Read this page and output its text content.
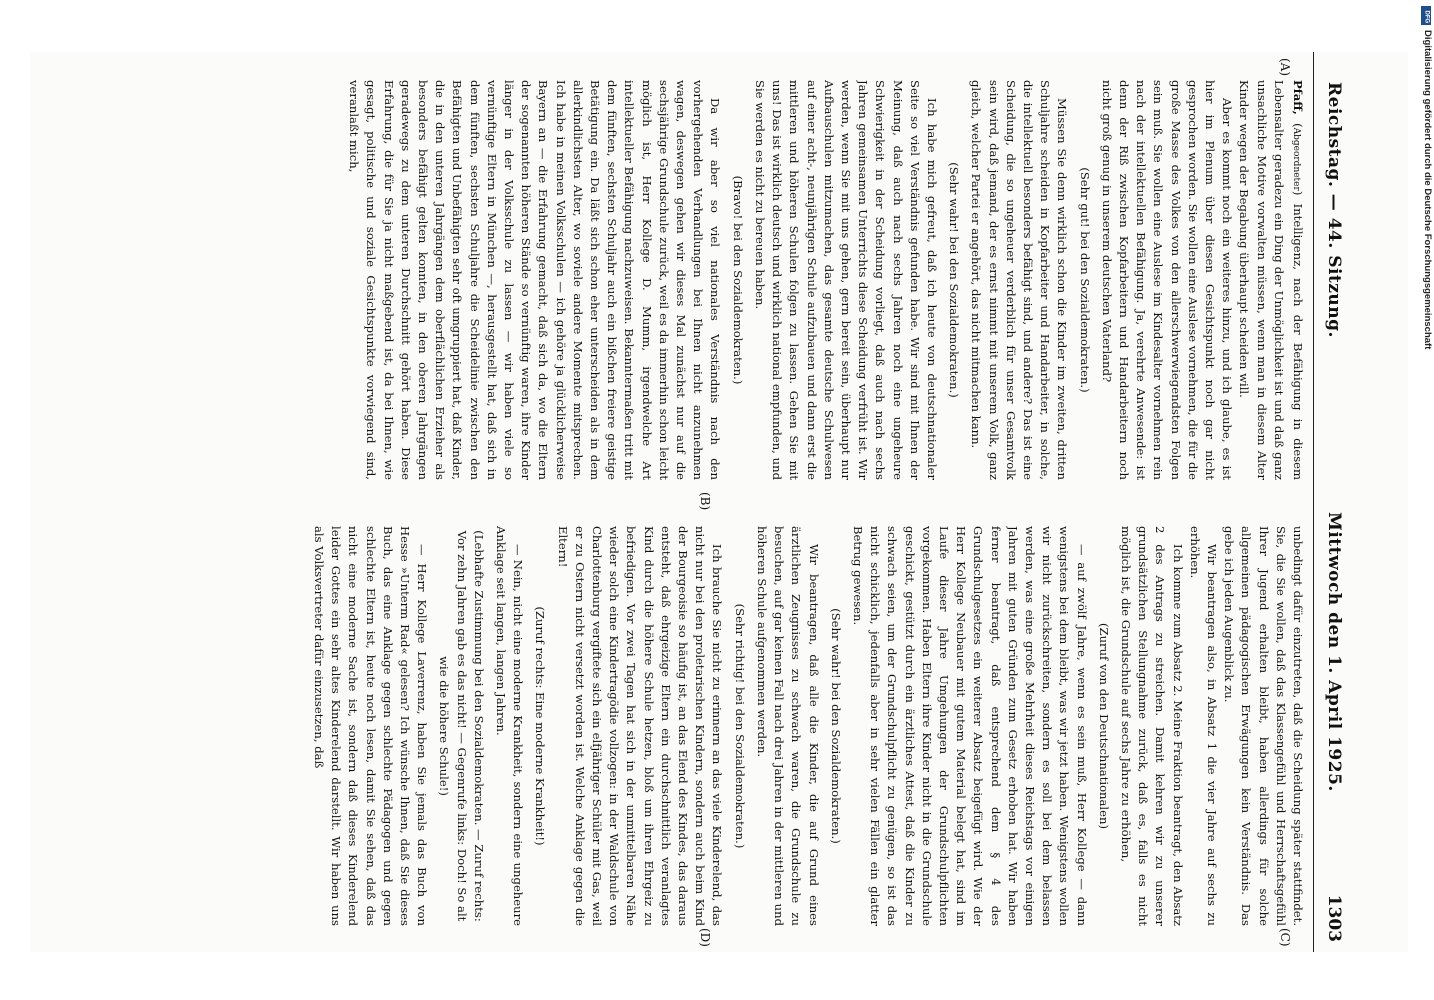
Reichstag. — 44. Sitzung.
Mittwoch den 1. April 1925.
1303
(A)
(B)
(C)
(D)

Pfaff, (Abgeordneter) Intelligenz, nach der Befähigung in diesem Lebensalter geradezu ein Ding der Unmöglichkeit ist und daß ganz unsachliche Motive vorwalten müssen, wenn man in diesem Alter Kinder wegen der Begabung überhaupt scheiden will.

Aber es kommt noch ein weiteres hinzu, und ich glaube, es ist hier im Plenum über diesen Gesichtspunkt noch gar nicht gesprochen worden. Sie wollen eine Auslese vornehmen, die für die große Masse des Volkes von den allerschwerwiegendsten Folgen sein muß. Sie wollen eine Auslese im Kindesalter vornehmen rein nach der intellektuellen Befähigung. Ja, verehrte Anwesende: ist denn der Riß zwischen Kopfarbeitern und Handarbeitern noch nicht groß genug in unserem deutschen Vaterland?

(Sehr gut! bei den Sozialdemokraten.)

Müssen Sie denn wirklich schon die Kinder im zweiten, dritten Schuljahre scheiden in Kopfarbeiter und Handarbeiter, in solche, die intellektuell besonders befähigt sind, und andere? Das ist eine Scheidung, die so ungeheuer verderblich für unser Gesamtvolk sein wird, daß jemand, der es ernst nimmt mit unserem Volk, ganz gleich, welcher Partei er angehört, das nicht mitmachen kann.

(Sehr wahr! bei den Sozialdemokraten.)

Ich habe mich gefreut, daß ich heute von deutschnationaler Seite so viel Verständnis gefunden habe. Wir sind mit Ihnen der Meinung, daß auch nach sechs Jahren noch eine ungeheure Schwierigkeit in der Scheidung vorliegt, daß auch nach sechs Jahren gemeinsamen Unterrichts diese Scheidung verfrüht ist. Wir werden, wenn Sie mit uns gehen, gern bereit sein, überhaupt nur Aufbauschulen mitzumachen, das gesamte deutsche Schulwesen auf einer acht-, neunjährigen Schule aufzubauen und dann erst die mittleren und höheren Schulen folgen zu lassen. Gehen Sie mit uns! Das ist wirklich deutsch und wirklich national empfunden, und Sie werden es nicht zu bereuen haben.

(Bravo! bei den Sozialdemokraten.)

Da wir aber so viel nationales Verständnis nach den vorhergehenden Verhandlungen bei Ihnen nicht anzunehmen wagen, deswegen gehen wir dieses Mal zunächst nur auf die sechsjährige Grundschule zurück, weil es da immerhin schon leicht möglich ist, Herr Kollege D. Mumm, irgendwelche Art intellektueller Befähigung nachzuweisen. Bekanntermaßen tritt mit dem fünften, sechsten Schuljahr auch ein bißchen freiere geistige Betätigung ein. Da läßt sich schon eher unterscheiden als in dem allerkindlichsten Alter, wo soviele andere Momente mitsprechen. Ich habe in meinen Volksschulen — ich gehöre ja glücklicherweise Bayern an — die Erfahrung gemacht, daß sich da, wo die Eltern der sogenannten höheren Stände so vernünftig waren, ihre Kinder länger in der Volksschule zu lassen — wir haben viele so vernünftige Eltern in München —, herausgestellt hat, daß sich in dem fünften, sechsten Schuljahre die Scheidelinie zwischen den Befähigten und Unbefähigten sehr oft umgruppiert hat, daß Kinder, die in den unteren Jahrgängen dem oberflächlichen Erzieher als besonders befähigt gelten konnten, in den oberen Jahrgängen geradewegs zu dem unteren Durchschnitt gehört haben. Diese Erfahrung, die für Sie ja nicht maßgebend ist, da bei Ihnen, wie gesagt, politische und soziale Gesichtspunkte vorwiegend sind, veranlaßt mich,

unbedingt dafür einzutreten, daß die Scheidung später stattfindet. Sie, die Sie wollen, daß das Klassengefühl und Herrschaftsgefühl Ihrer Jugend erhalten bleibt, haben allerdings für solche allgemeinen pädagogischen Erwägungen kein Verständnis. Das gebe ich jeden Augenblick zu.

Wir beantragen also, in Absatz 1 die vier Jahre auf sechs zu erhöhen.

Ich komme zum Absatz 2. Meine Fraktion beantragt, den Absatz 2 des Antrags zu streichen. Damit kehren wir zu unserer grundsätzlichen Stellungnahme zurück, daß es, falls es nicht möglich ist, die Grundschule auf sechs Jahre zu erhöhen,

(Zuruf von den Deutschnationalen)

— auf zwölf Jahre, wenn es sein muß, Herr Kollege — dann wenigstens bei dem bleibt, was wir jetzt haben. Wenigstens wollen wir nicht zurückschreiten, sondern es soll bei dem belassen werden, was eine große Mehrheit dieses Reichstags vor einigen Jahren mit guten Gründen zum Gesetz erhoben hat. Wir haben ferner beantragt, daß entsprechend dem § 4 des Grundschulgesetzes ein weiterer Absatz beigefügt wird. Wie der Herr Kollege Neubauer mit gutem Material belegt hat, sind im Laufe dieser Jahre Umgehungen der Grundschulpflichten vorgekommen. Haben Eltern ihre Kinder nicht in die Grundschule geschickt, gestützt durch ein ärztliches Attest, daß die Kinder zu schwach seien, um der Grundschulpflicht zu genügen, so ist das nicht schicklich, jedenfalls aber in sehr vielen Fällen ein glatter Betrug gewesen.

(Sehr wahr! bei den Sozialdemokraten.)

Wir beantragen, daß alle die Kinder, die auf Grund eines ärztlichen Zeugnisses zu schwach waren, die Grundschule zu besuchen, auf gar keinen Fall nach drei Jahren in der mittleren und höheren Schule aufgenommen werden.

(Sehr richtig! bei den Sozialdemokraten.)

Ich brauche Sie nicht zu erinnern an das viele Kinderelend, das nicht nur bei den proletarischen Kindern, sondern auch beim Kind der Bourgeoisie so häufig ist, an das Elend des Kindes, das daraus entsteht, daß ehrgeizige Eltern ein durchschnittlich veranlagtes Kind durch die höhere Schule hetzen, bloß um ihren Ehrgeiz zu befriedigen. Vor zwei Tagen hat sich in der unmittelbaren Nähe wieder solch eine Kindertragödie vollzogen: in der Waldschule von Charlottenburg vergiftete sich ein elfjähriger Schüler mit Gas, weil er zu Ostern nicht versetzt worden ist. Welche Anklage gegen die Eltern!

(Zuruf rechts: Eine moderne Krankheit!)

— Nein, nicht eine moderne Krankheit, sondern eine ungeheure Anklage seit langen, langen Jahren.

(Lebhafte Zustimmung bei den Sozialdemokraten. — Zuruf rechts: Vor zehn Jahren gab es das nicht! — Gegenrufe links: Doch! So alt wie die höhere Schule!)

— Herr Kollege Laverrenz, haben Sie jemals das Buch von Hesse »Unterm Rad« gelesen? Ich wünsche Ihnen, daß Sie dieses Buch, das eine Anklage gegen schlechte Pädagogen und gegen schlechte Eltern ist, heute noch lesen, damit Sie sehen, daß das nicht eine moderne Sache ist, sondern daß dieses Kinderelend leider Gottes ein sehr altes Kinderelend darstellt. Wir haben uns als Volksvertreter dafür einzusetzen, daß

DFG
Digitalisierung gefördert durch die Deutsche Forschungsgemeinschaft
